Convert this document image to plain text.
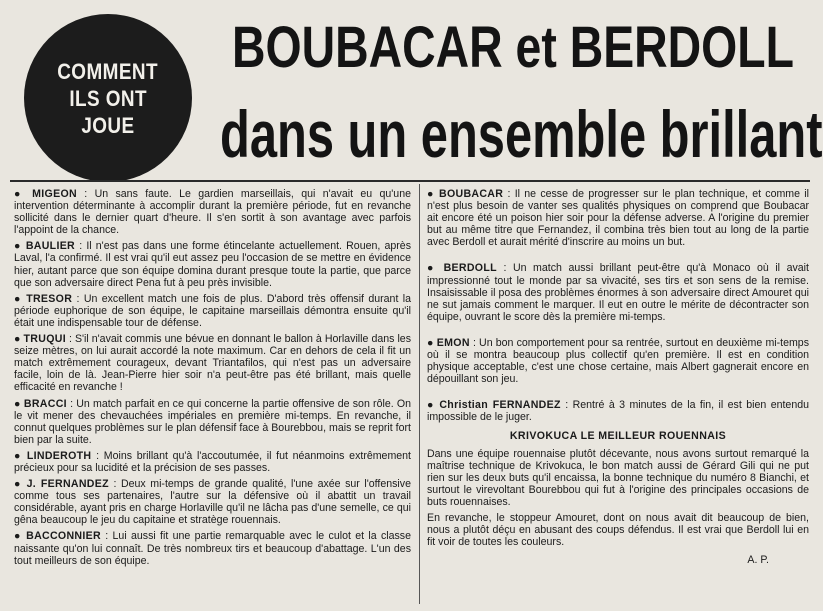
COMMENT
ILS ONT
JOUE
BOUBACAR et BERDOLL
dans un ensemble brillant

● MIGEON : Un sans faute. Le gardien marseillais, qui n'avait eu qu'une intervention déterminante à accomplir durant la première période, fut en revanche sollicité dans le dernier quart d'heure. Il s'en sortit à son avantage avec parfois l'appoint de la chance.

● BAULIER : Il n'est pas dans une forme étincelante actuellement. Rouen, après Laval, l'a confirmé. Il est vrai qu'il eut assez peu l'occasion de se mettre en évidence hier, autant parce que son équipe domina durant presque toute la partie, que parce que son adversaire direct Pena fut à peu près invisible.

● TRESOR : Un excellent match une fois de plus. D'abord très offensif durant la période euphorique de son équipe, le capitaine marseillais démontra ensuite qu'il était une indispensable tour de défense.

● TRUQUI : S'il n'avait commis une bévue en donnant le ballon à Horlaville dans les seize mètres, on lui aurait accordé la note maximum. Car en dehors de cela il fit un match extrêmement courageux, devant Triantafilos, qui n'est pas un adversaire facile, loin de là. Jean-Pierre hier soir n'a peut-être pas été brillant, mais quelle efficacité en revanche !

● BRACCI : Un match parfait en ce qui concerne la partie offensive de son rôle. On le vit mener des chevauchées impériales en première mi-temps. En revanche, il connut quelques problèmes sur le plan défensif face à Bourebbou, mais se reprit fort bien par la suite.

● LINDEROTH : Moins brillant qu'à l'accoutumée, il fut néanmoins extrêmement précieux pour sa lucidité et la précision de ses passes.

● J. FERNANDEZ : Deux mi-temps de grande qualité, l'une axée sur l'offensive comme tous ses partenaires, l'autre sur la défensive où il abattit un travail considérable, ayant pris en charge Horlaville qu'il ne lâcha pas d'une semelle, ce qui gêna beaucoup le jeu du capitaine et stratège rouennais.

● BACCONNIER : Lui aussi fit une partie remarquable avec le culot et la classe naissante qu'on lui connaît. De très nombreux tirs et beaucoup d'abattage. L'un des tout meilleurs de son équipe.

● BOUBACAR : Il ne cesse de progresser sur le plan technique, et comme il n'est plus besoin de vanter ses qualités physiques on comprend que Boubacar ait encore été un poison hier soir pour la défense adverse. A l'origine du premier but au même titre que Fernandez, il combina très bien tout au long de la partie avec Berdoll et aurait mérité d'inscrire au moins un but.

● BERDOLL : Un match aussi brillant peut-être qu'à Monaco où il avait impressionné tout le monde par sa vivacité, ses tirs et son sens de la remise. Insaisissable il posa des problèmes énormes à son adversaire direct Amouret qui ne sut jamais comment le marquer. Il eut en outre le mérite de décontracter son équipe, ouvrant le score dès la première mi-temps.

● EMON : Un bon comportement pour sa rentrée, surtout en deuxième mi-temps où il se montra beaucoup plus collectif qu'en première. Il est en condition physique acceptable, c'est une chose certaine, mais Albert gagnerait encore en dépouillant son jeu.

● Christian FERNANDEZ : Rentré à 3 minutes de la fin, il est bien entendu impossible de le juger.

KRIVOKUCA LE MEILLEUR ROUENNAIS

Dans une équipe rouennaise plutôt décevante, nous avons surtout remarqué la maîtrise technique de Krivokuca, le bon match aussi de Gérard Gili qui ne put rien sur les deux buts qu'il encaissa, la bonne technique du numéro 8 Bianchi, et surtout le virevoltant Bourebbou qui fut à l'origine des principales occasions de buts rouennaises.

En revanche, le stoppeur Amouret, dont on nous avait dit beaucoup de bien, nous a plutôt déçu en abusant des coups défendus. Il est vrai que Berdoll lui en fit voir de toutes les couleurs.

A. P.
